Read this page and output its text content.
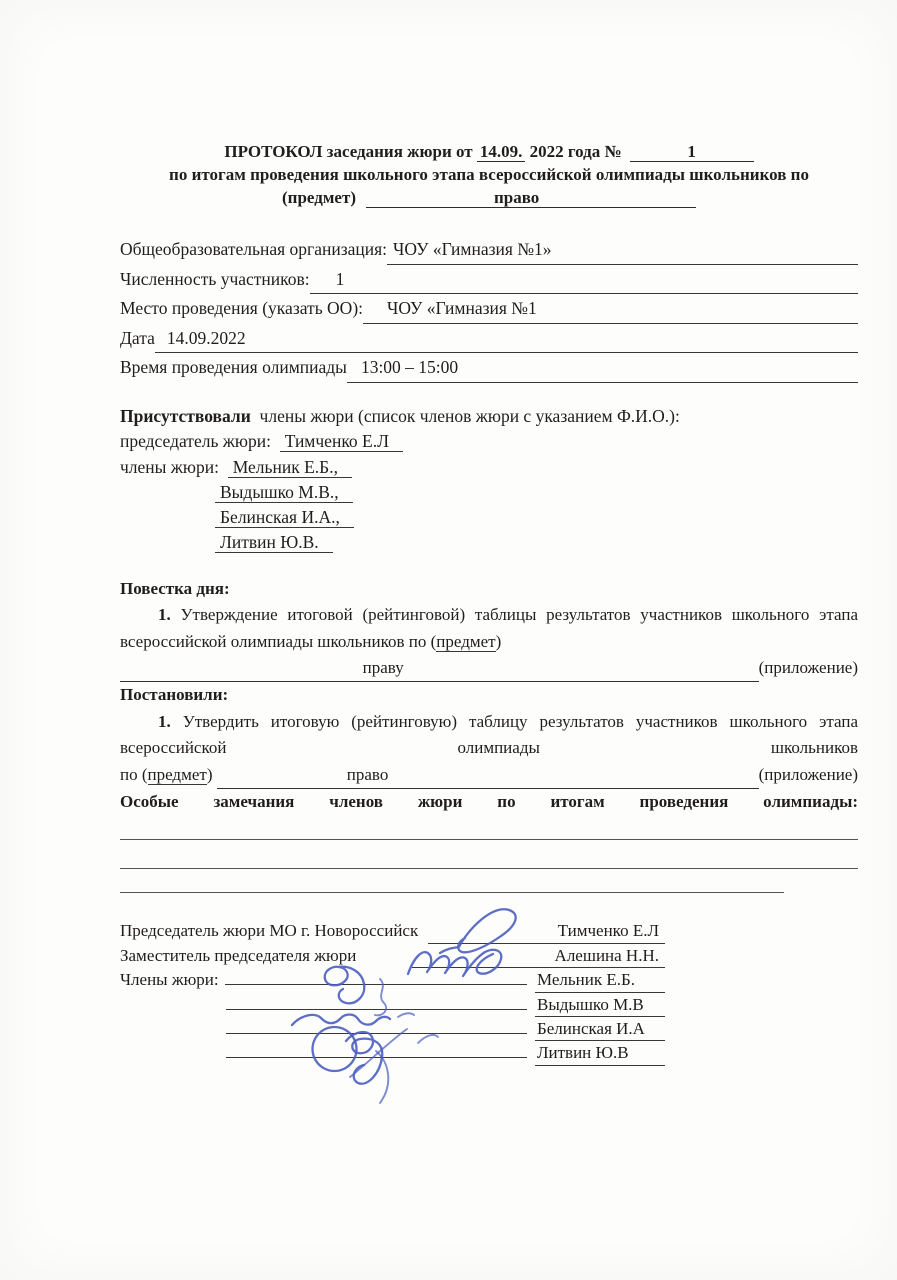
ПРОТОКОЛ заседания жюри от 14.09. 2022 года №	1
по итогам проведения школьного этапа всероссийской олимпиады школьников по
(предмет)	право
Общеобразовательная организация: ЧОУ «Гимназия №1»
Численность участников:	1
Место проведения (указать ОО):	ЧОУ «Гимназия №1
Дата 14.09.2022
Время проведения олимпиады 13:00 – 15:00
Присутствовали члены жюри (список членов жюри с указанием Ф.И.О.):
председатель жюри: Тимченко Е.Л
члены жюри: Мельник Е.Б.,
Выдышко М.В.,
Белинская И.А.,
Литвин Ю.В.
Повестка дня:
1. Утверждение итоговой (рейтинговой) таблицы результатов участников школьного этапа
всероссийской олимпиады школьников по (предмет)
праву	(приложение)
Постановили:
1. Утвердить итоговую (рейтинговую) таблицу результатов участников школьного этапа
всероссийской олимпиады школьников
по (предмет)	право	(приложение)
Особые замечания членов жюри по итогам проведения олимпиады:
Председатель жюри МО г. Новороссийск	Тимченко Е.Л
Заместитель председателя жюри	Алешина Н.Н.
Члены жюри:	Мельник Е.Б.
Выдышко М.В
Белинская И.А
Литвин Ю.В
